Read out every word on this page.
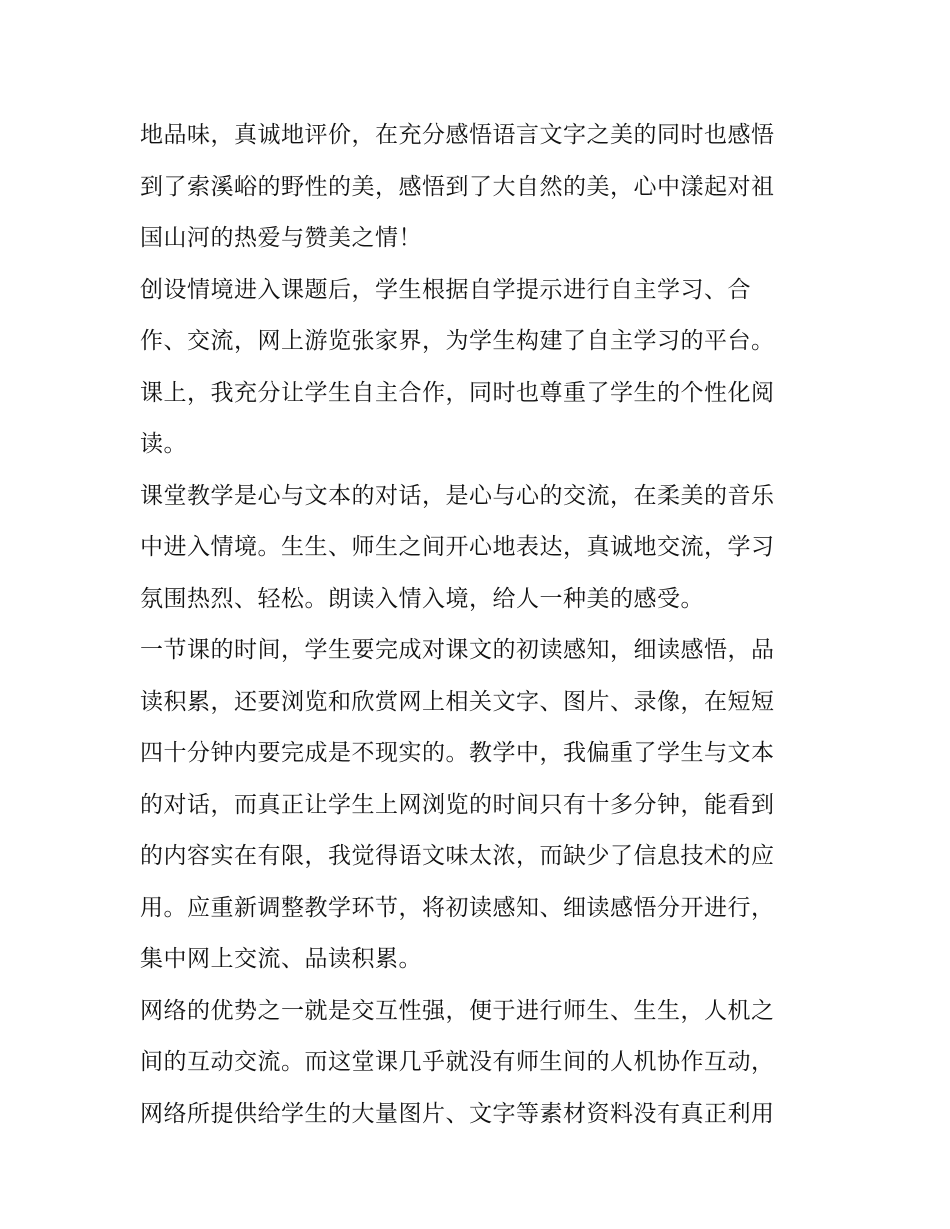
地品味，真诚地评价，在充分感悟语言文字之美的同时也感悟
到了索溪峪的野性的美，感悟到了大自然的美，心中漾起对祖
国山河的热爱与赞美之情！
创设情境进入课题后，学生根据自学提示进行自主学习、合
作、交流，网上游览张家界，为学生构建了自主学习的平台。
课上，我充分让学生自主合作，同时也尊重了学生的个性化阅
读。
课堂教学是心与文本的对话，是心与心的交流，在柔美的音乐
中进入情境。生生、师生之间开心地表达，真诚地交流，学习
氛围热烈、轻松。朗读入情入境，给人一种美的感受。
一节课的时间，学生要完成对课文的初读感知，细读感悟，品
读积累，还要浏览和欣赏网上相关文字、图片、录像，在短短
四十分钟内要完成是不现实的。教学中，我偏重了学生与文本
的对话，而真正让学生上网浏览的时间只有十多分钟，能看到
的内容实在有限，我觉得语文味太浓，而缺少了信息技术的应
用。应重新调整教学环节，将初读感知、细读感悟分开进行，
集中网上交流、品读积累。
网络的优势之一就是交互性强，便于进行师生、生生，人机之
间的互动交流。而这堂课几乎就没有师生间的人机协作互动，
网络所提供给学生的大量图片、文字等素材资料没有真正利用
